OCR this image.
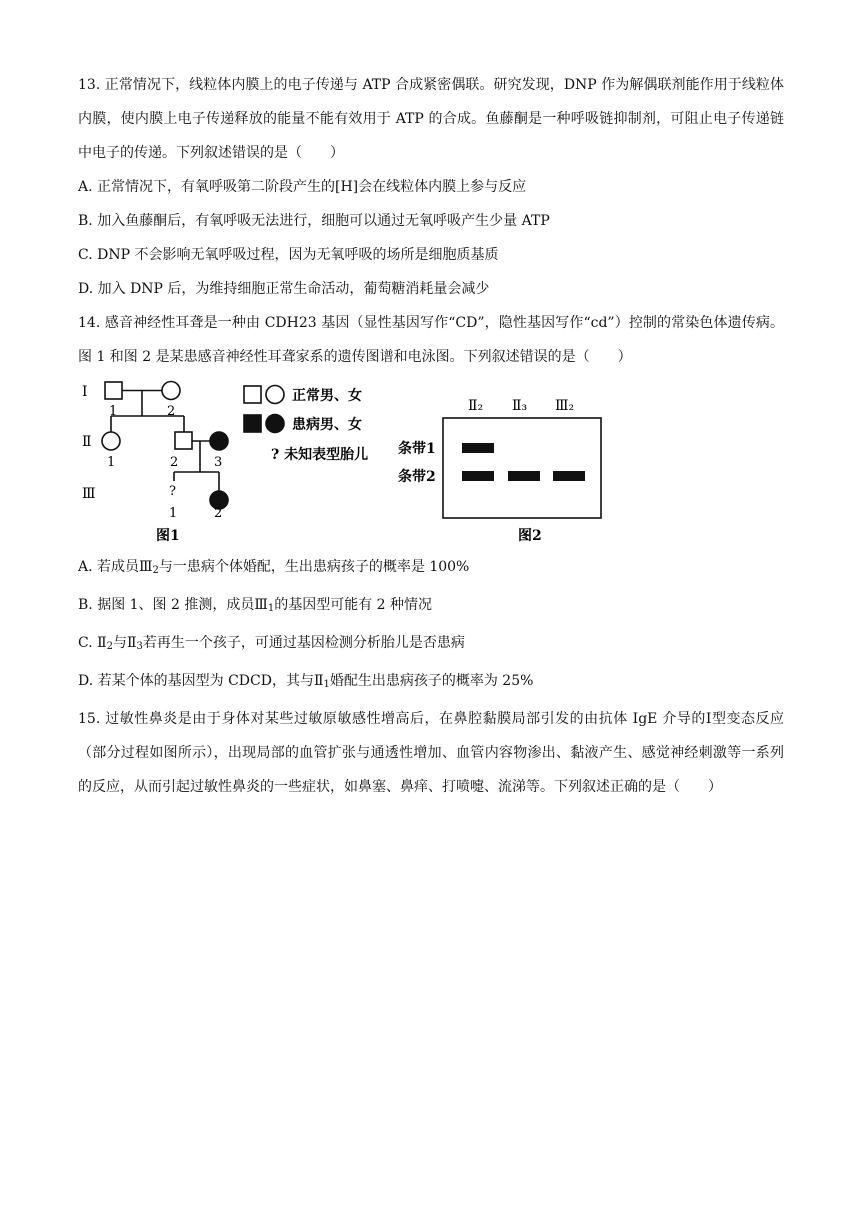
13. 正常情况下，线粒体内膜上的电子传递与 ATP 合成紧密偶联。研究发现，DNP 作为解偶联剂能作用于线粒体内膜，使内膜上电子传递释放的能量不能有效用于 ATP 的合成。鱼藤酮是一种呼吸链抑制剂，可阻止电子传递链中电子的传递。下列叙述错误的是（　　）

A. 正常情况下，有氧呼吸第二阶段产生的[H]会在线粒体内膜上参与反应

B. 加入鱼藤酮后，有氧呼吸无法进行，细胞可以通过无氧呼吸产生少量 ATP

C. DNP 不会影响无氧呼吸过程，因为无氧呼吸的场所是细胞质基质

D. 加入 DNP 后，为维持细胞正常生命活动，葡萄糖消耗量会减少

14. 感音神经性耳聋是一种由 CDH23 基因（显性基因写作“CD”，隐性基因写作“cd”）控制的常染色体遗传病。图 1 和图 2 是某患感音神经性耳聋家系的遗传图谱和电泳图。下列叙述错误的是（　　）

Ⅰ
Ⅱ
Ⅲ
1	2
1	2	3
?
1	2
图1
正常男、女
患病男、女
? 未知表型胎儿
Ⅱ₂ Ⅱ₃ Ⅲ₂
条带1
条带2
图2

A. 若成员$Ⅲ_2$与一患病个体婚配，生出患病孩子的概率是 100%

B. 据图 1、图 2 推测，成员$Ⅲ_1$的基因型可能有 2 种情况

C. $Ⅱ_2$与$Ⅱ_3$若再生一个孩子，可通过基因检测分析胎儿是否患病

D. 若某个体的基因型为 CDCD，其与$Ⅱ_1$婚配生出患病孩子的概率为 25%

15. 过敏性鼻炎是由于身体对某些过敏原敏感性增高后，在鼻腔黏膜局部引发的由抗体 IgE 介导的Ⅰ型变态反应（部分过程如图所示），出现局部的血管扩张与通透性增加、血管内容物渗出、黏液产生、感觉神经刺激等一系列的反应，从而引起过敏性鼻炎的一些症状，如鼻塞、鼻痒、打喷嚏、流涕等。下列叙述正确的是（　　）
